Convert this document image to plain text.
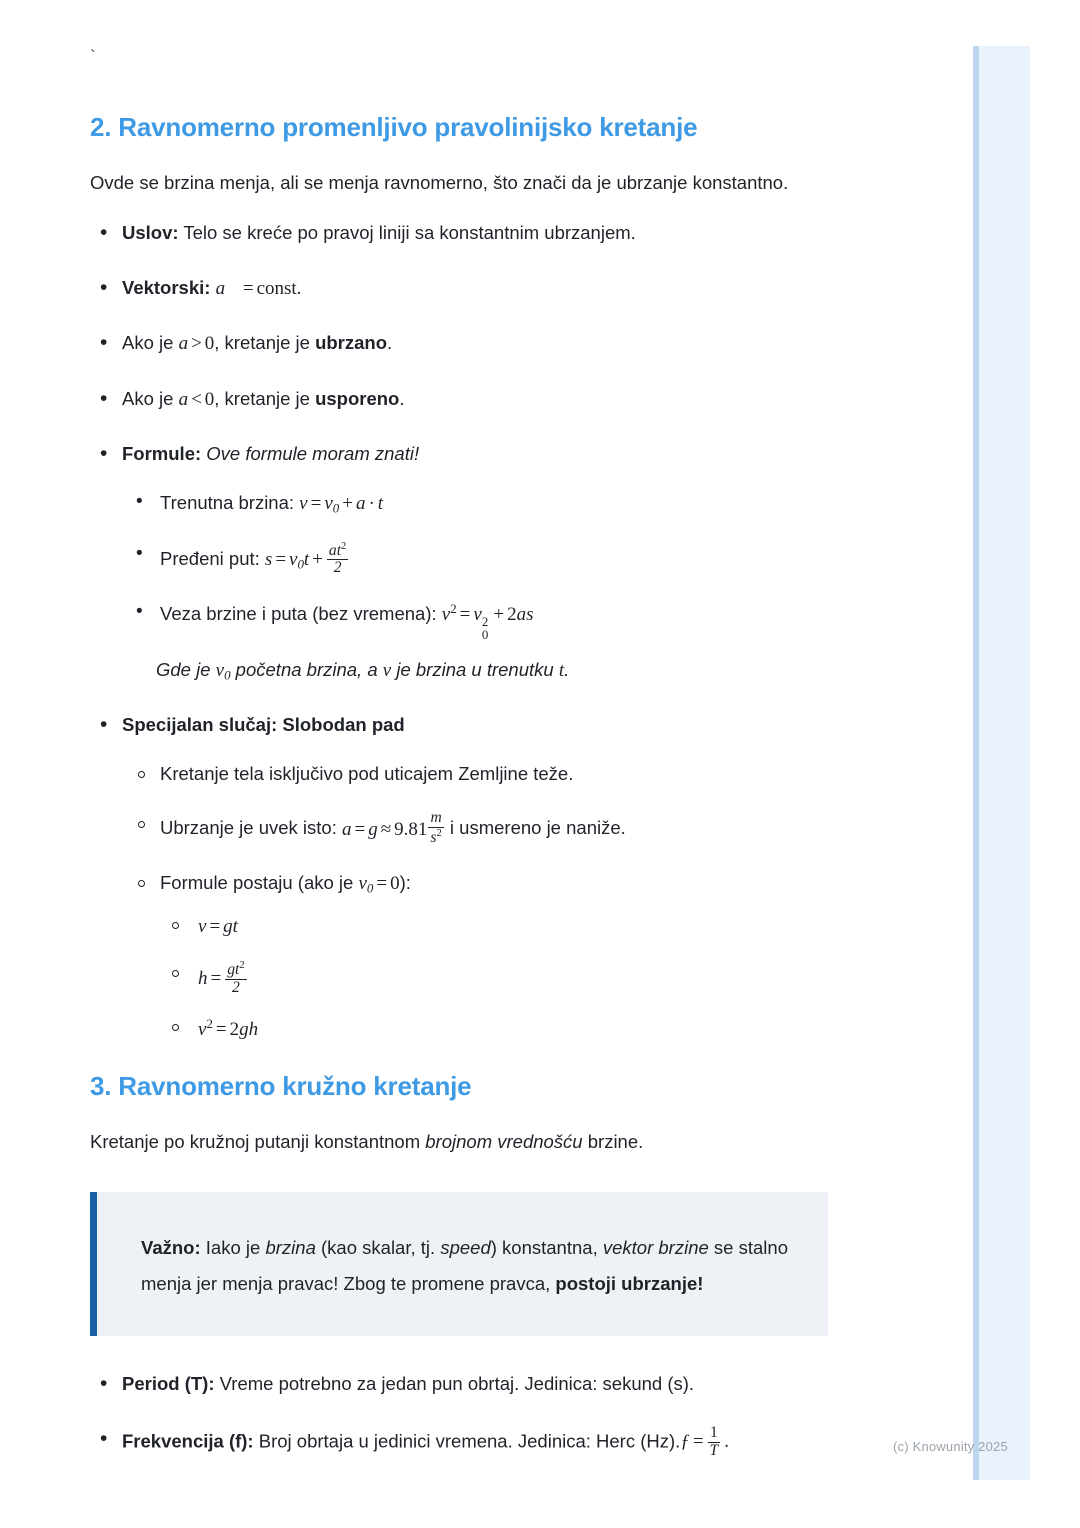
(c) Knowunity 2025
`
2. Ravnomerno promenljivo pravolinijsko kretanje

Ovde se brzina menja, ali se menja ravnomerno, što znači da je ubrzanje konstantno.

• Uslov: Telo se kreće po pravoj liniji sa konstantnim ubrzanjem.
• Vektorski: a⃗ = const.
• Ako je a > 0, kretanje je ubrzano.
• Ako je a < 0, kretanje je usporeno.
• Formule: Ove formule moram znati!
• Trenutna brzina: $v = v_0 + a \cdot t$
• Pređeni put: $s = v_0t + \frac{at^2}{2}$
• Veza brzine i puta (bez vremena): $v^2 = v$
0
2 + 2as
Gde je $v_0$ početna brzina, a v je brzina u trenutku t.
• Specijalan slučaj: Slobodan pad
Kretanje tela isključivo pod uticajem Zemljine teže.
Ubrzanje je uvek isto: $a = g \approx 9.81 \frac{m}{s^2}$ i usmereno je naniže.
Formule postaju (ako je $v_0 = 0$):
v = gt
$h = \frac{gt^2}{2}$
$v^2 = 2gh$
3. Ravnomerno kružno kretanje

Kretanje po kružnoj putanji konstantnom brojnom vrednošću brzine.

Važno: Iako je brzina (kao skalar, tj. speed) konstantna, vektor brzine se stalno menja jer menja pravac! Zbog te promene pravca, postoji ubrzanje!

• Period (T): Vreme potrebno za jedan pun obrtaj. Jedinica: sekund (s).
• Frekvencija (f): Broj obrtaja u jedinici vremena. Jedinica: Herc (Hz).ƒ = $\frac{1}{T}$ .
